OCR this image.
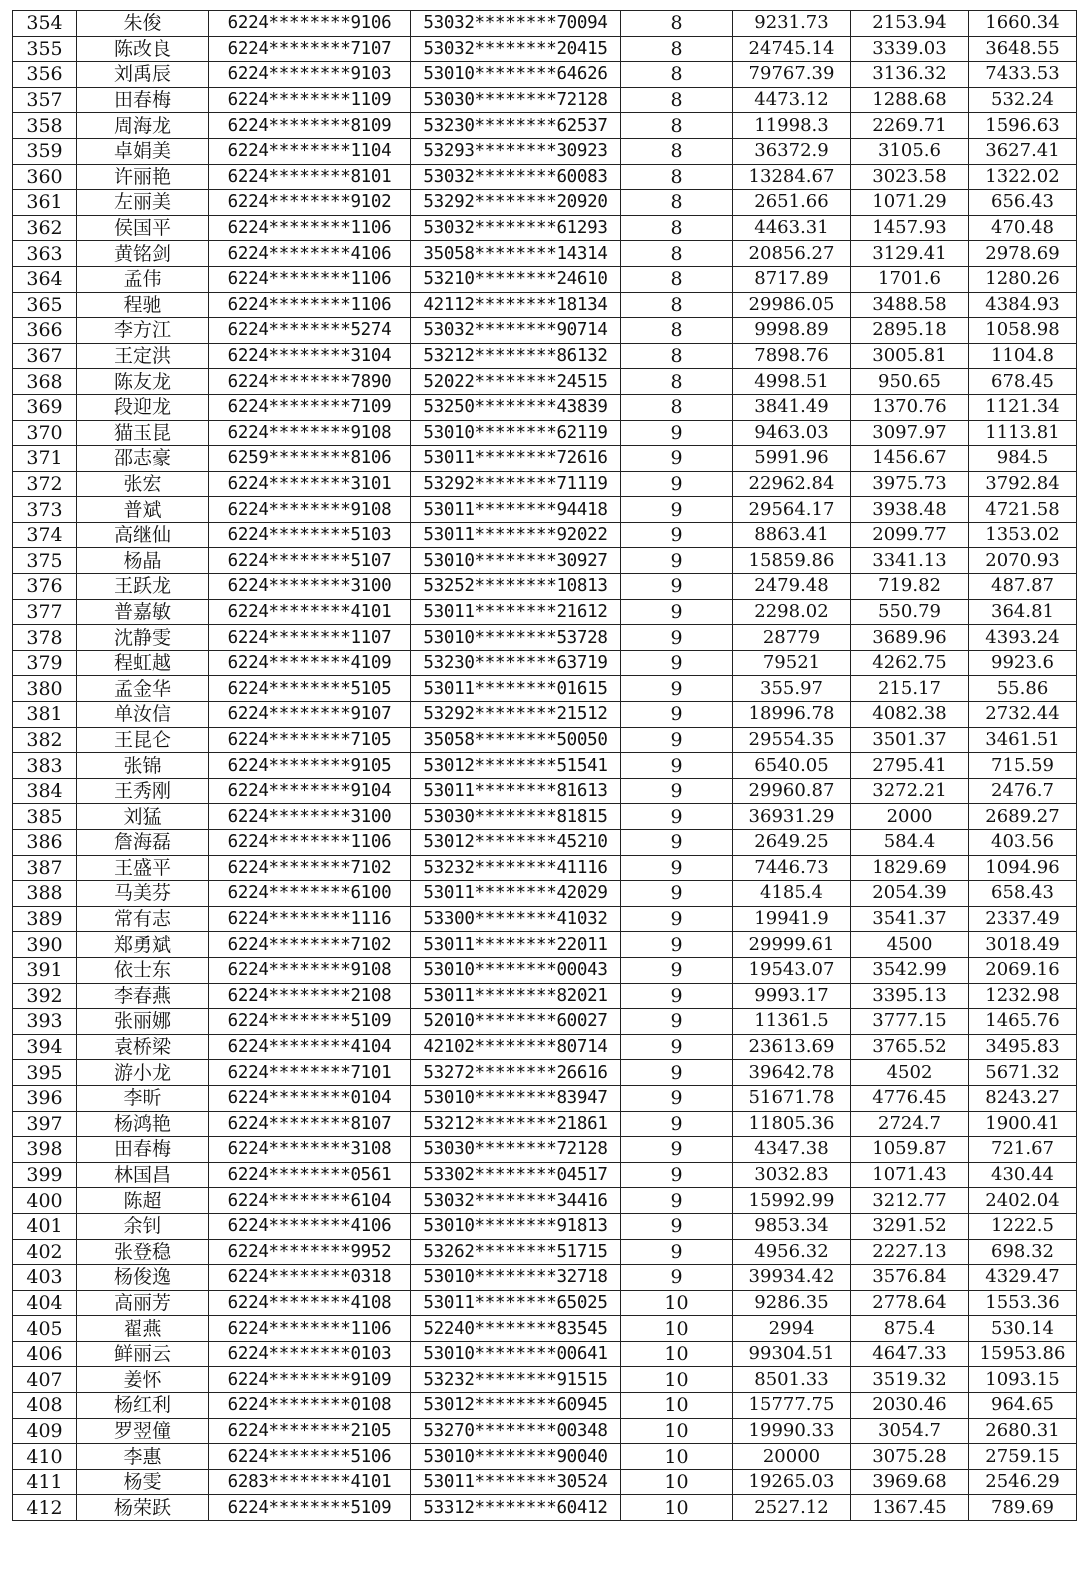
354	朱俊	6224********9106	53032********70094	8	9231.73	2153.94	1660.34
355	陈改良	6224********7107	53032********20415	8	24745.14	3339.03	3648.55
356	刘禹辰	6224********9103	53010********64626	8	79767.39	3136.32	7433.53
357	田春梅	6224********1109	53030********72128	8	4473.12	1288.68	532.24
358	周海龙	6224********8109	53230********62537	8	11998.3	2269.71	1596.63
359	卓娟美	6224********1104	53293********30923	8	36372.9	3105.6	3627.41
360	许丽艳	6224********8101	53032********60083	8	13284.67	3023.58	1322.02
361	左丽美	6224********9102	53292********20920	8	2651.66	1071.29	656.43
362	侯国平	6224********1106	53032********61293	8	4463.31	1457.93	470.48
363	黄铭剑	6224********4106	35058********14314	8	20856.27	3129.41	2978.69
364	孟伟	6224********1106	53210********24610	8	8717.89	1701.6	1280.26
365	程驰	6224********1106	42112********18134	8	29986.05	3488.58	4384.93
366	李方江	6224********5274	53032********90714	8	9998.89	2895.18	1058.98
367	王定洪	6224********3104	53212********86132	8	7898.76	3005.81	1104.8
368	陈友龙	6224********7890	52022********24515	8	4998.51	950.65	678.45
369	段迎龙	6224********7109	53250********43839	8	3841.49	1370.76	1121.34
370	猫玉昆	6224********9108	53010********62119	9	9463.03	3097.97	1113.81
371	邵志豪	6259********8106	53011********72616	9	5991.96	1456.67	984.5
372	张宏	6224********3101	53292********71119	9	22962.84	3975.73	3792.84
373	普斌	6224********9108	53011********94418	9	29564.17	3938.48	4721.58
374	高继仙	6224********5103	53011********92022	9	8863.41	2099.77	1353.02
375	杨晶	6224********5107	53010********30927	9	15859.86	3341.13	2070.93
376	王跃龙	6224********3100	53252********10813	9	2479.48	719.82	487.87
377	普嘉敏	6224********4101	53011********21612	9	2298.02	550.79	364.81
378	沈静雯	6224********1107	53010********53728	9	28779	3689.96	4393.24
379	程虹越	6224********4109	53230********63719	9	79521	4262.75	9923.6
380	孟金华	6224********5105	53011********01615	9	355.97	215.17	55.86
381	单汝信	6224********9107	53292********21512	9	18996.78	4082.38	2732.44
382	王昆仑	6224********7105	35058********50050	9	29554.35	3501.37	3461.51
383	张锦	6224********9105	53012********51541	9	6540.05	2795.41	715.59
384	王秀刚	6224********9104	53011********81613	9	29960.87	3272.21	2476.7
385	刘猛	6224********3100	53030********81815	9	36931.29	2000	2689.27
386	詹海磊	6224********1106	53012********45210	9	2649.25	584.4	403.56
387	王盛平	6224********7102	53232********41116	9	7446.73	1829.69	1094.96
388	马美芬	6224********6100	53011********42029	9	4185.4	2054.39	658.43
389	常有志	6224********1116	53300********41032	9	19941.9	3541.37	2337.49
390	郑勇斌	6224********7102	53011********22011	9	29999.61	4500	3018.49
391	依士东	6224********9108	53010********00043	9	19543.07	3542.99	2069.16
392	李春燕	6224********2108	53011********82021	9	9993.17	3395.13	1232.98
393	张丽娜	6224********5109	52010********60027	9	11361.5	3777.15	1465.76
394	袁桥梁	6224********4104	42102********80714	9	23613.69	3765.52	3495.83
395	游小龙	6224********7101	53272********26616	9	39642.78	4502	5671.32
396	李昕	6224********0104	53010********83947	9	51671.78	4776.45	8243.27
397	杨鸿艳	6224********8107	53212********21861	9	11805.36	2724.7	1900.41
398	田春梅	6224********3108	53030********72128	9	4347.38	1059.87	721.67
399	林国昌	6224********0561	53302********04517	9	3032.83	1071.43	430.44
400	陈超	6224********6104	53032********34416	9	15992.99	3212.77	2402.04
401	余钊	6224********4106	53010********91813	9	9853.34	3291.52	1222.5
402	张登稳	6224********9952	53262********51715	9	4956.32	2227.13	698.32
403	杨俊逸	6224********0318	53010********32718	9	39934.42	3576.84	4329.47
404	高丽芳	6224********4108	53011********65025	10	9286.35	2778.64	1553.36
405	翟燕	6224********1106	52240********83545	10	2994	875.4	530.14
406	鲜丽云	6224********0103	53010********00641	10	99304.51	4647.33	15953.86
407	姜怀	6224********9109	53232********91515	10	8501.33	3519.32	1093.15
408	杨红利	6224********0108	53012********60945	10	15777.75	2030.46	964.65
409	罗翌僮	6224********2105	53270********00348	10	19990.33	3054.7	2680.31
410	李惠	6224********5106	53010********90040	10	20000	3075.28	2759.15
411	杨雯	6283********4101	53011********30524	10	19265.03	3969.68	2546.29
412	杨荣跃	6224********5109	53312********60412	10	2527.12	1367.45	789.69
